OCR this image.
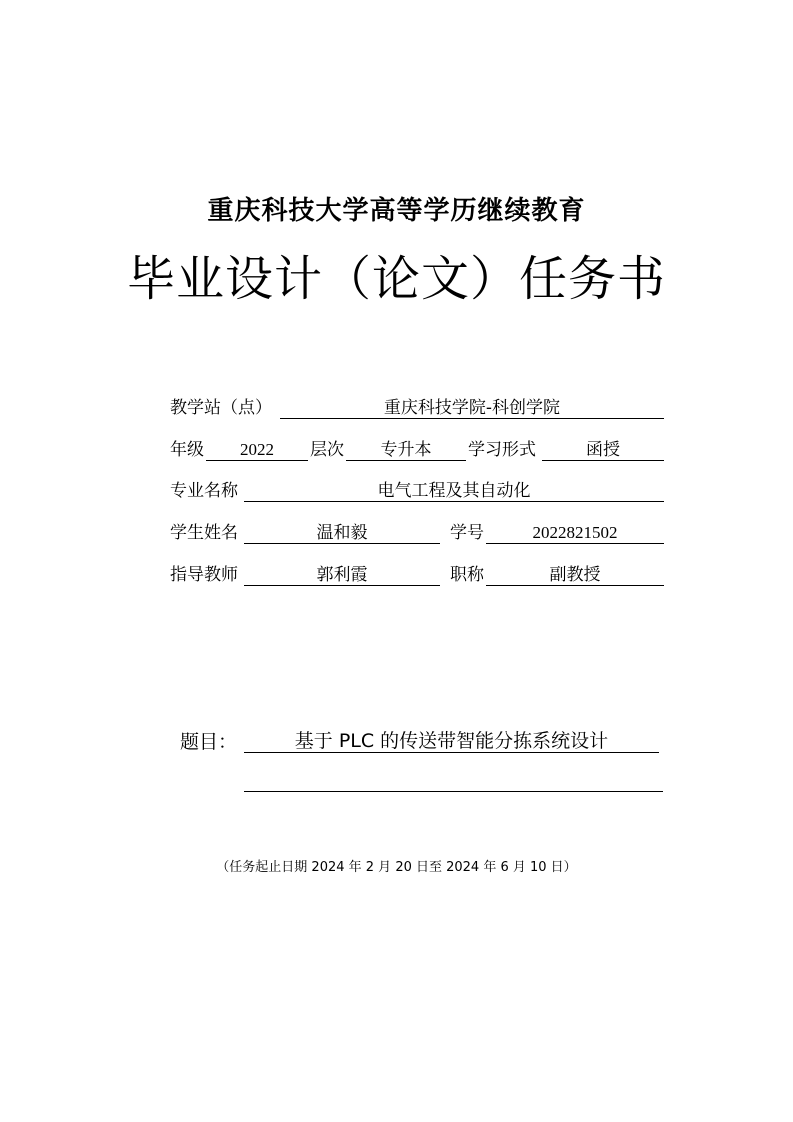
重庆科技大学高等学历继续教育
毕业设计（论文）任务书
教学站（点）	重庆科技学院-科创学院
年级	2022	层次	专升本	学习形式	函授
专业名称	电气工程及其自动化
学生姓名	温和毅	学号	2022821502
指导教师	郭利霞	职称	副教授
题目：	基于 PLC 的传送带智能分拣系统设计
（任务起止日期 2024 年 2 月 20 日至 2024 年 6 月 10 日）
